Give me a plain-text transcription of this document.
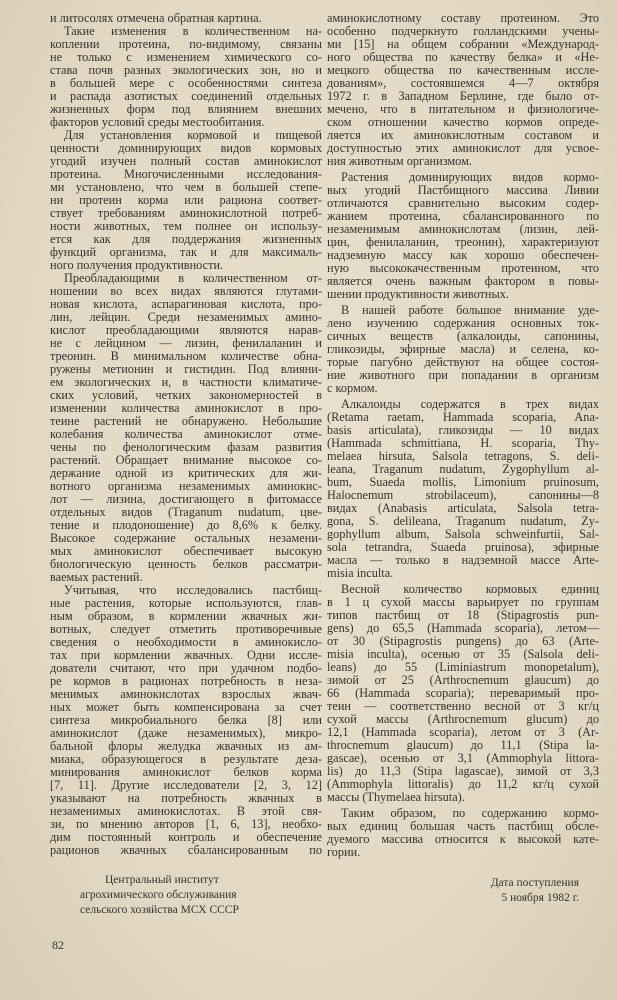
и литосолях отмечена обратная картина.
Такие изменения в количественном на-
коплении протеина, по-видимому, связаны
не только с изменением химического со-
става почв разных экологических зон, но и
в большей мере с особенностями синтеза
и распада азотистых соединений отдельных
жизненных форм под влиянием внешних
факторов условий среды местообитания.
Для установления кормовой и пищевой
ценности доминирующих видов кормовых
угодий изучен полный состав аминокислот
протеина. Многочисленными исследования-
ми установлено, что чем в большей степе-
ни протеин корма или рациона соответ-
ствует требованиям аминокислотной потреб-
ности животных, тем полнее он использу-
ется как для поддержания жизненных
функций организма, так и для максималь-
ного получения продуктивности.
Преобладающими в количественном от-
ношении во всех видах являются глутами-
новая кислота, аспарагиновая кислота, про-
лин, лейцин. Среди незаменимых амино-
кислот преобладающими являются нарав-
не с лейцином — лизин, фенилаланин и
треонин. В минимальном количестве обна-
ружены метионин и гистидин. Под влияни-
ем экологических и, в частности климатиче-
ских условий, четких закономерностей в
изменении количества аминокислот в про-
теине растений не обнаружено. Небольшие
колебания количества аминокислот отме-
чены по фенологическим фазам развития
растений. Обращает внимание высокое со-
держание одной из критических для жи-
вотного организма незаменимых аминокис-
лот — лизина, достигающего в фитомассе
отдельных видов (Traganum nudatum, цве-
тение и плодоношение) до 8,6% к белку.
Высокое содержание остальных незамени-
мых аминокислот обеспечивает высокую
биологическую ценность белков рассматри-
ваемых растений.
Учитывая, что исследовались пастбищ-
ные растения, которые используются, глав-
ным образом, в кормлении жвачных жи-
вотных, следует отметить противоречивые
сведения о необходимости в аминокисло-
тах при кормлении жвачных. Одни иссле-
дователи считают, что при удачном подбо-
ре кормов в рационах потребность в неза-
менимых аминокислотах взрослых жвач-
ных может быть компенсирована за счет
синтеза микробиального белка [8] или
аминокислот (даже незаменимых), микро-
бальной флоры желудка жвачных из ам-
миака, образующегося в результате деза-
минирования аминокислот белков корма
[7, 11]. Другие исследователи [2, 3, 12]
указывают на потребность жвачных в
незаменимых аминокислотах. В этой свя-
зи, по мнению авторов [1, 6, 13], необхо-
дим постоянный контроль и обеспечение
рационов жвачных сбалансированным по
аминокислотному составу протеином. Это
особенно подчеркнуто голландскими учены-
ми [15] на общем собрании «Международ-
ного общества по качеству белка» и «Не-
мецкого общества по качественным иссле-
дованиям», состоявшемся 4—7 октября
1972 г. в Западном Берлине, где было от-
мечено, что в питательном и физиологиче-
ском отношении качество кормов опреде-
ляется их аминокислотным составом и
доступностью этих аминокислот для усвое-
ния животным организмом.
Растения доминирующих видов кормо-
вых угодий Пастбищного массива Ливии
отличаются сравнительно высоким содер-
жанием протеина, сбалансированного по
незаменимым аминокислотам (лизин, лей-
цин, фенилаланин, треонин), характеризуют
надземную массу как хорошо обеспечен-
ную высококачественным протеином, что
является очень важным фактором в повы-
шении продуктивности животных.
В нашей работе большое внимание уде-
лено изучению содержания основных ток-
сичных веществ (алкалоиды, сапонины,
гликозиды, эфирные масла) и селена, ко-
торые пагубно действуют на общее состоя-
ние животного при попадании в организм
с кормом.
Алкалоиды содержатся в трех видах
(Retama raetam, Hammada scoparia, Ana-
basis articulata), гликозиды — 10 видах
(Hammada schmittiana, H. scoparia, Thy-
melaea hirsuta, Salsola tetragons, S. deli-
leana, Traganum nudatum, Zygophyllum al-
bum, Suaeda mollis, Limonium pruinosum,
Halocnemum strobilaceum), сапонины—8
видах (Anabasis articulata, Salsola tetra-
gona, S. delileana, Traganum nudatum, Zy-
gophyllum album, Salsola schweinfurtii, Sal-
sola tetrandra, Suaeda pruinosa), эфирные
масла — только в надземной массе Arte-
misia inculta.
Весной количество кормовых единиц
в 1 ц сухой массы варьирует по группам
типов пастбищ от 18 (Stipagrostis pun-
gens) до 65,5 (Hammada scoparia), летом—
от 30 (Stipagrostis pungens) до 63 (Arte-
misia inculta), осенью от 35 (Salsola deli-
leans) до 55 (Liminiastrum monopetalum),
зимой от 25 (Arthrocnemum glaucum) до
66 (Hammada scoparia); переваримый про-
теин — соответственно весной от 3 кг/ц
сухой массы (Arthrocnemum glucum) до
12,1 (Hammada scoparia), летом от 3 (Ar-
throcnemum glaucum) до 11,1 (Stipa la-
gascae), осенью от 3,1 (Ammophyla littora-
lis) до 11,3 (Stipa lagascae), зимой от 3,3
(Ammophyla littoralis) до 11,2 кг/ц сухой
массы (Thymelaea hirsuta).
Таким образом, по содержанию кормо-
вых единиц большая часть пастбищ обсле-
дуемого массива относится к высокой кате-
гории.
Центральный институт
агрохимического обслуживания
сельского хозяйства МСХ СССР
Дата поступления
5 ноября 1982 г.
82
